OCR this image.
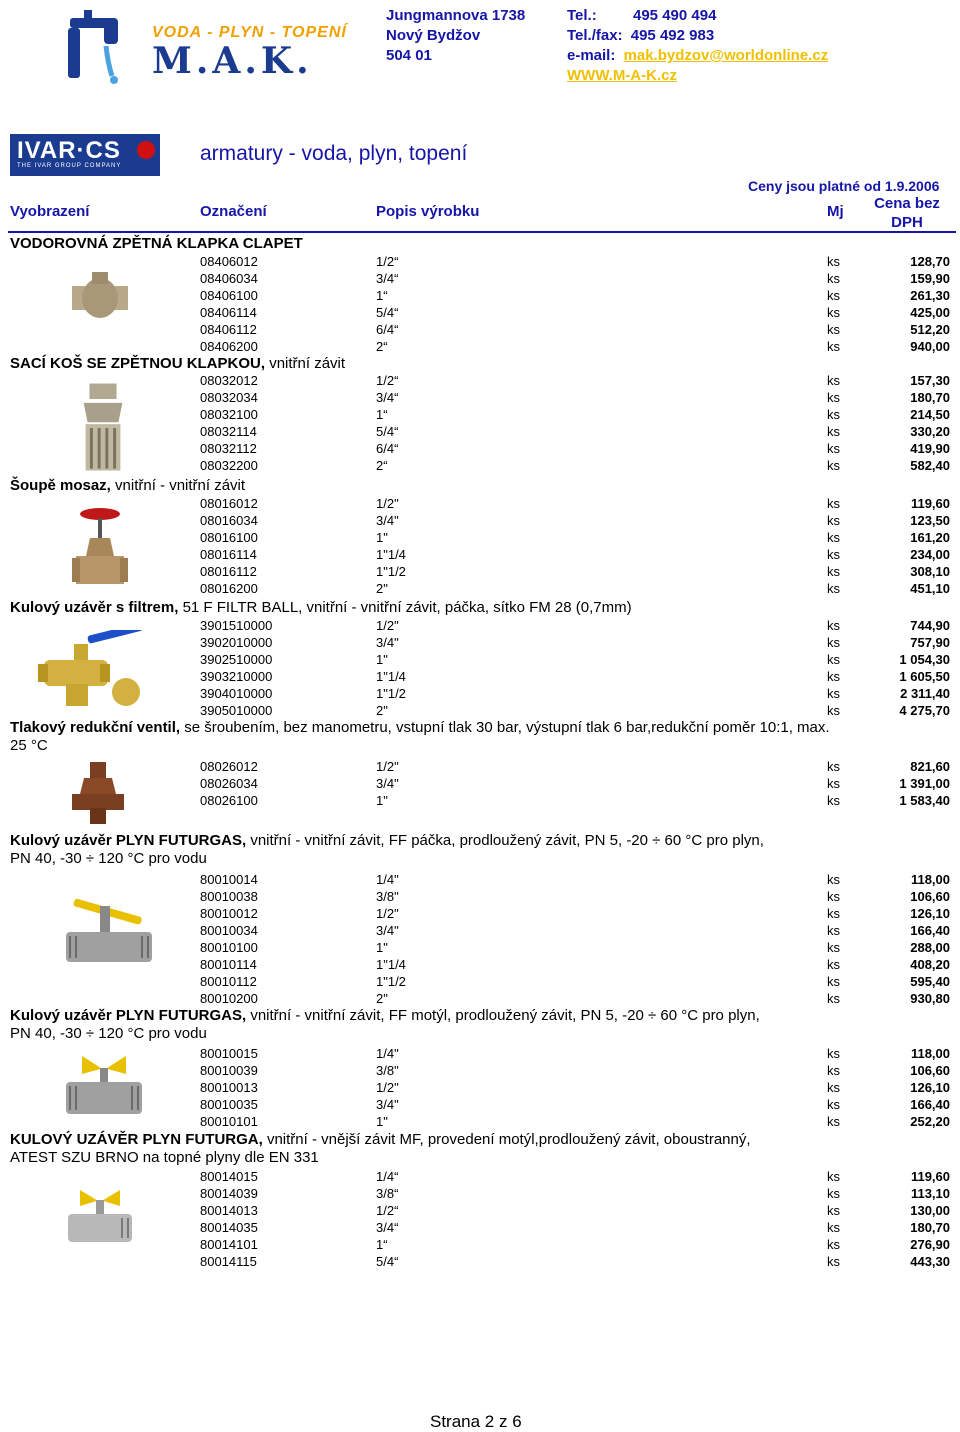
VODA - PLYN - TOPENÍ
M.A.K.
Jungmannova 1738
Nový Bydžov
504 01
Tel.: 495 490 494
Tel./fax: 495 492 983
e-mail: mak.bydzov@worldonline.cz
WWW.M-A-K.cz
IVAR·CS
THE IVAR GROUP COMPANY
armatury - voda, plyn, topení
Ceny jsou platné od 1.9.2006
Vyobrazení	Označení	Popis výrobku	Mj	Cena bez
DPH
VODOROVNÁ ZPĚTNÁ KLAPKA CLAPET
08406012	1/2“	ks	128,70
08406034	3/4“	ks	159,90
08406100	1“	ks	261,30
08406114	5/4“	ks	425,00
08406112	6/4“	ks	512,20
08406200	2“	ks	940,00
SACÍ KOŠ SE ZPĚTNOU KLAPKOU, vnitřní závit
08032012	1/2“	ks	157,30
08032034	3/4“	ks	180,70
08032100	1“	ks	214,50
08032114	5/4“	ks	330,20
08032112	6/4“	ks	419,90
08032200	2“	ks	582,40
Šoupě mosaz, vnitřní - vnitřní závit
08016012	1/2"	ks	119,60
08016034	3/4"	ks	123,50
08016100	1"	ks	161,20
08016114	1"1/4	ks	234,00
08016112	1"1/2	ks	308,10
08016200	2"	ks	451,10
Kulový uzávěr s filtrem, 51 F FILTR BALL, vnitřní - vnitřní závit, páčka, sítko FM 28 (0,7mm)
3901510000	1/2"	ks	744,90
3902010000	3/4"	ks	757,90
3902510000	1"	ks	1 054,30
3903210000	1"1/4	ks	1 605,50
3904010000	1"1/2	ks	2 311,40
3905010000	2"	ks	4 275,70
Tlakový redukční ventil, se šroubením, bez manometru, vstupní tlak 30 bar, výstupní tlak 6 bar,redukční poměr 10:1, max.
25 °C
08026012	1/2"	ks	821,60
08026034	3/4"	ks	1 391,00
08026100	1"	ks	1 583,40
Kulový uzávěr PLYN FUTURGAS, vnitřní - vnitřní závit, FF páčka, prodloužený závit, PN 5, -20 ÷ 60 °C pro plyn,
PN 40, -30 ÷ 120 °C pro vodu
80010014	1/4"	ks	118,00
80010038	3/8"	ks	106,60
80010012	1/2"	ks	126,10
80010034	3/4"	ks	166,40
80010100	1"	ks	288,00
80010114	1"1/4	ks	408,20
80010112	1"1/2	ks	595,40
80010200	2"	ks	930,80
Kulový uzávěr PLYN FUTURGAS, vnitřní - vnitřní závit, FF motýl, prodloužený závit, PN 5, -20 ÷ 60 °C pro plyn,
PN 40, -30 ÷ 120 °C pro vodu
80010015	1/4"	ks	118,00
80010039	3/8"	ks	106,60
80010013	1/2"	ks	126,10
80010035	3/4"	ks	166,40
80010101	1"	ks	252,20
KULOVÝ UZÁVĚR PLYN FUTURGA, vnitřní - vnější závit MF, provedení motýl,prodloužený závit, oboustranný,
ATEST SZU BRNO na topné plyny dle EN 331
80014015	1/4“	ks	119,60
80014039	3/8“	ks	113,10
80014013	1/2“	ks	130,00
80014035	3/4“	ks	180,70
80014101	1“	ks	276,90
80014115	5/4“	ks	443,30
Strana 2 z 6
